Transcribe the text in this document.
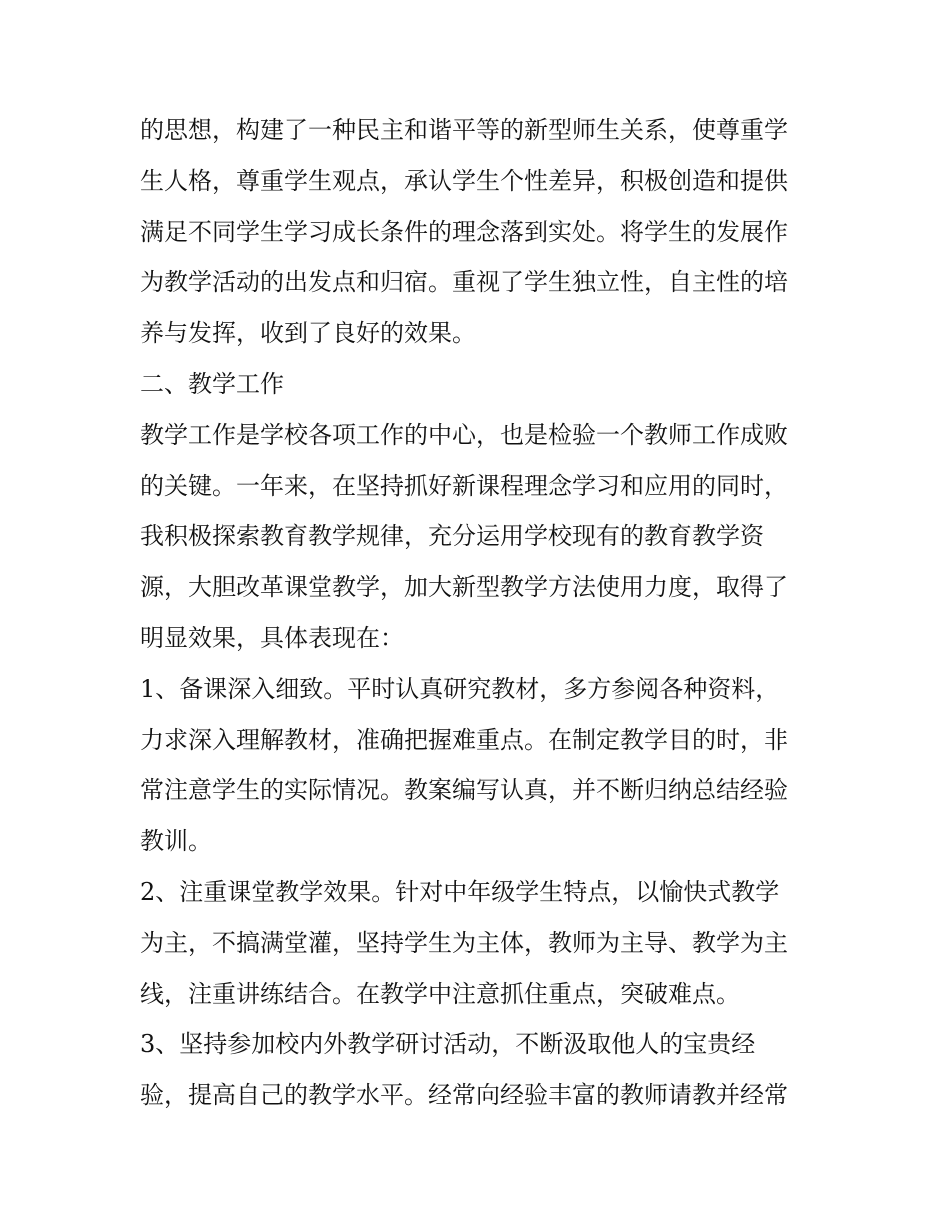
的思想，构建了一种民主和谐平等的新型师生关系，使尊重学
生人格，尊重学生观点，承认学生个性差异，积极创造和提供
满足不同学生学习成长条件的理念落到实处。将学生的发展作
为教学活动的出发点和归宿。重视了学生独立性，自主性的培
养与发挥，收到了良好的效果。
二、教学工作
教学工作是学校各项工作的中心，也是检验一个教师工作成败
的关键。一年来，在坚持抓好新课程理念学习和应用的同时，
我积极探索教育教学规律，充分运用学校现有的教育教学资
源，大胆改革课堂教学，加大新型教学方法使用力度，取得了
明显效果，具体表现在：
1、备课深入细致。平时认真研究教材，多方参阅各种资料，
力求深入理解教材，准确把握难重点。在制定教学目的时，非
常注意学生的实际情况。教案编写认真，并不断归纳总结经验
教训。
2、注重课堂教学效果。针对中年级学生特点，以愉快式教学
为主，不搞满堂灌，坚持学生为主体，教师为主导、教学为主
线，注重讲练结合。在教学中注意抓住重点，突破难点。
3、坚持参加校内外教学研讨活动，不断汲取他人的宝贵经
验，提高自己的教学水平。经常向经验丰富的教师请教并经常
